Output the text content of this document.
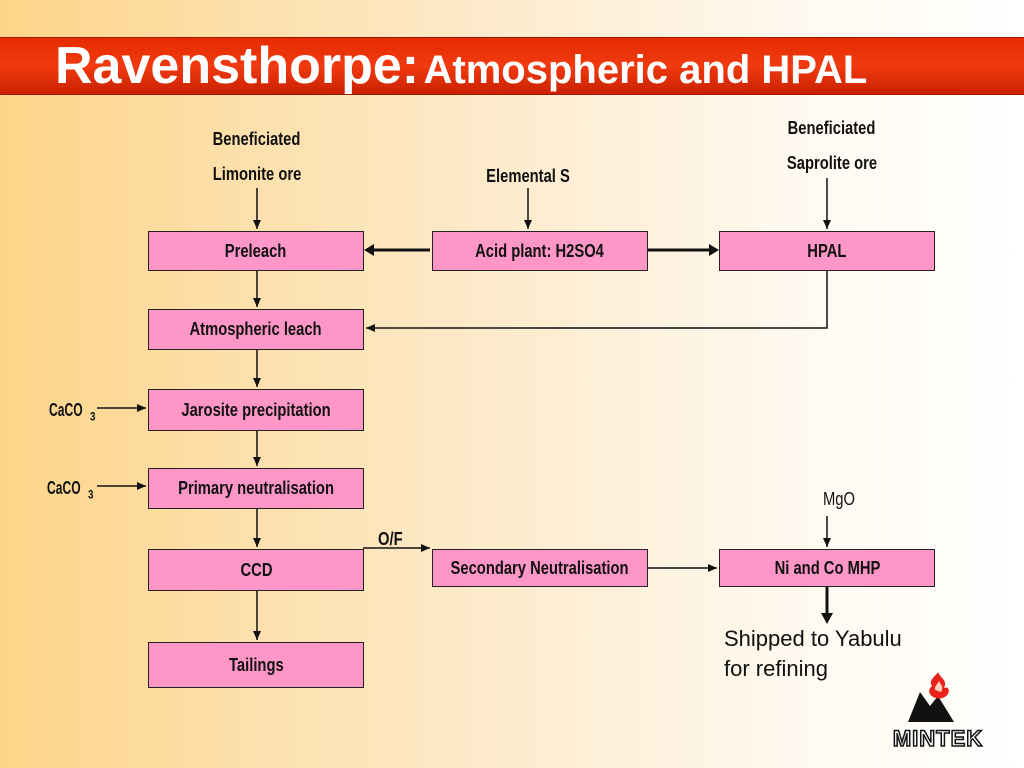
Ravensthorpe: Atmospheric and HPAL
Beneficiated
Limonite ore	Elemental S
Beneficiated
Saprolite ore
CaCO $_3$
CaCO $_3$	MgO
O/F
Preleach	Acid plant: H2SO4	HPAL
Atmospheric leach
Jarosite precipitation
Primary neutralisation
CCD	Secondary Neutralisation	Ni and Co MHP
Tailings
Shipped to Yabulu
for refining
MINTEK
